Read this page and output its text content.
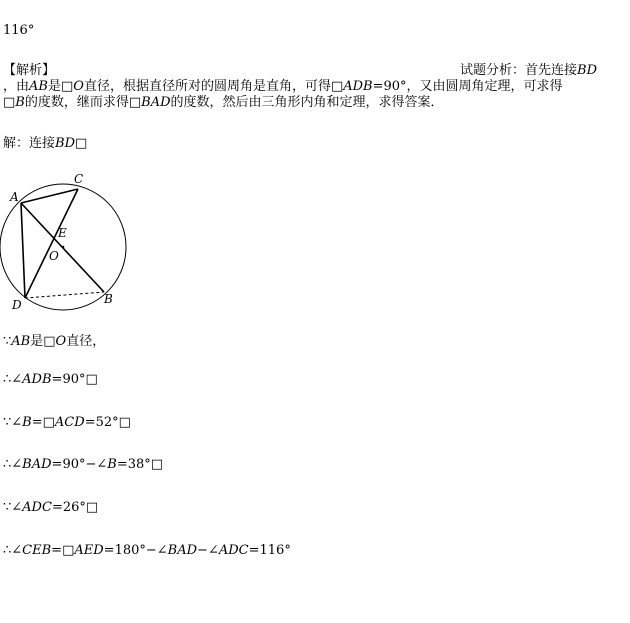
116°
【解析】	试题分析：首先连接BD
，由AB是□O直径，根据直径所对的圆周角是直角，可得□ADB=90°，又由圆周角定理，可求得
□B的度数，继而求得□BAD的度数，然后由三角形内角和定理，求得答案．
解：连接BD□
A
C
E
O
D	B
∵AB是□O直径，
∴∠ADB=90°□
∵∠B=□ACD=52°□
∴∠BAD=90°−∠B=38°□
∵∠ADC=26°□
∴∠CEB=□AED=180°−∠BAD−∠ADC=116°
